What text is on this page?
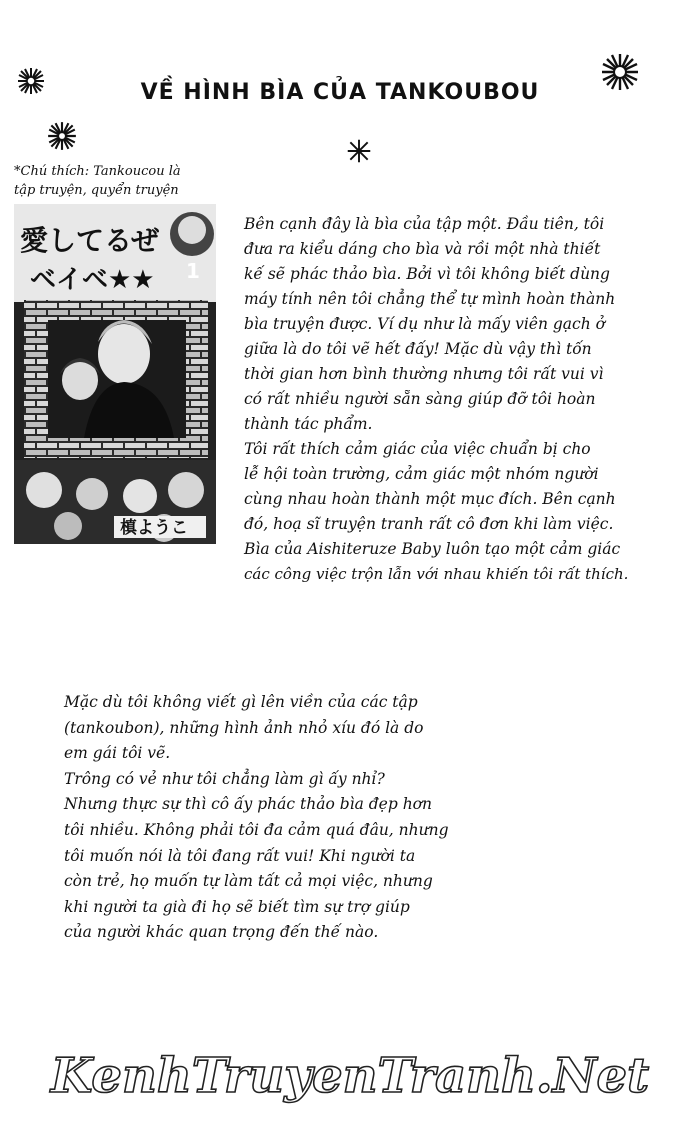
VỀ HÌNH BÌA CỦA TANKOUBOU
*Chú thích: Tankoucou là
tập truyện, quyển truyện
愛してるぜ
ベイベ★★ 1
槙ようこ
Bên cạnh đây là bìa của tập một. Đầu tiên, tôi
đưa ra kiểu dáng cho bìa và rồi một nhà thiết
kế sẽ phác thảo bìa. Bởi vì tôi không biết dùng
máy tính nên tôi chẳng thể tự mình hoàn thành
bìa truyện được. Ví dụ như là mấy viên gạch ở
giữa là do tôi vẽ hết đấy! Mặc dù vậy thì tốn
thời gian hơn bình thường nhưng tôi rất vui vì
có rất nhiều người sẵn sàng giúp đỡ tôi hoàn
thành tác phẩm.
Tôi rất thích cảm giác của việc chuẩn bị cho
lễ hội toàn trường, cảm giác một nhóm người
cùng nhau hoàn thành một mục đích. Bên cạnh
đó, hoạ sĩ truyện tranh rất cô đơn khi làm việc.
Bìa của Aishiteruze Baby luôn tạo một cảm giác
các công việc trộn lẫn với nhau khiến tôi rất thích.
Mặc dù tôi không viết gì lên viền của các tập
(tankoubon), những hình ảnh nhỏ xíu đó là do
em gái tôi vẽ.
Trông có vẻ như tôi chẳng làm gì ấy nhỉ?
Nhưng thực sự thì cô ấy phác thảo bìa đẹp hơn
tôi nhiều. Không phải tôi đa cảm quá đâu, nhưng
tôi muốn nói là tôi đang rất vui! Khi người ta
còn trẻ, họ muốn tự làm tất cả mọi việc, nhưng
khi người ta già đi họ sẽ biết tìm sự trợ giúp
của người khác quan trọng đến thế nào.
KenhTruyenTranh.Net
